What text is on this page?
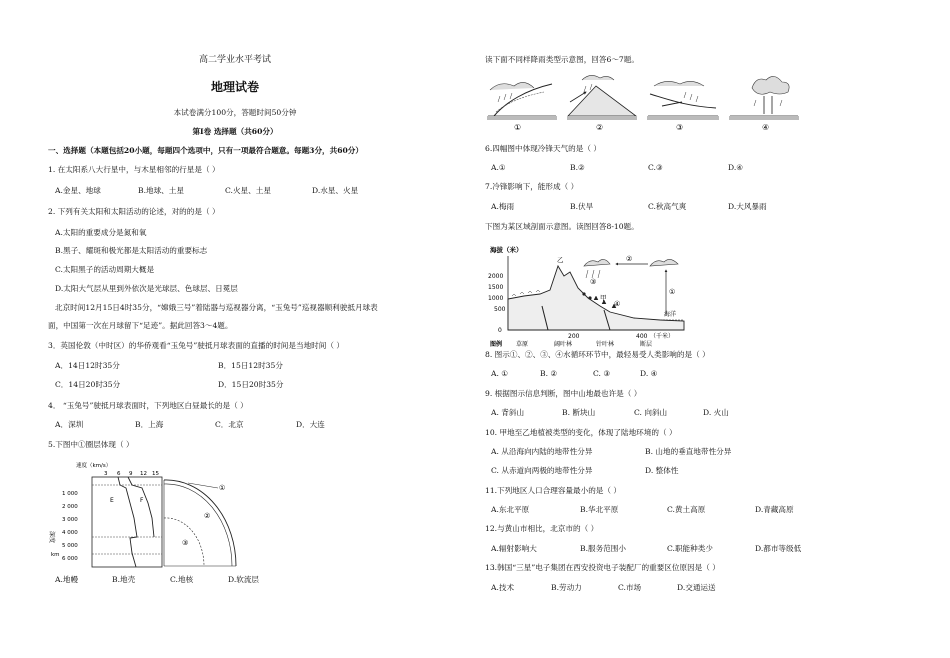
高二学业水平考试
地理试卷
本试卷满分100分，答题时间50分钟
第Ⅰ卷 选择题（共60分）
一、选择题（本题包括20小题，每题四个选项中，只有一项最符合题意。每题3分，共60分）
1. 在太阳系八大行星中，与木星相邻的行星是（ ）
A.金星、地球	B.地球、土星	C.火星、土星	D.水星、火星
2. 下列有关太阳和太阳活动的论述，对的的是（ ）
A.太阳的重要成分是氮和氧
B.黑子、耀斑和极光都是太阳活动的重要标志
C.太阳黑子的活动周期大概是
D.太阳大气层从里到外依次是光球层、色球层、日冕层
北京时间12月15日4时35分，“嫦娥三号”着陆器与巡视器分离，“玉兔号”巡视器顺利驶抵月球表
面，中国第一次在月球留下“足迹”。据此回答3～4题。
3．英国伦敦（中时区）的华侨观看“玉兔号”驶抵月球表面的直播的时间是当地时间（ ）
A．14日12时35分	B．15日12时35分
C．14日20时35分	D．15日20时35分
4． “玉兔号”驶抵月球表面时，下列地区白昼最长的是（ ）
A．深圳	B．上海	C．北京	D．大连
5.下图中①圈层体现（ ）
速度（km/s）
3 6 9 12 15
1 000
2 000
3 000
4 000
5 000
6 000
深度
km
E	F
①
②
③
A.地幔	B.地壳	C.地核	D.软流层
读下面不同样降雨类型示意图，回答6～7题。
①	②	③	④
6.四幅图中体现冷锋天气的是（ ）
A.①	B.②	C.③	D.④
7.冷锋影响下，能形成（ ）
A.梅雨	B.伏旱	C.秋高气爽	D.大风暴雨
下图为某区域剖面示意图。读图回答8-10题。
海拔（米）
2000
1500
1000
500
0
200	400 （千米）
海洋
乙
甲
②
①
③
④
图例 草原	阔叶林	针叶林	断层
8. 图示①、②、③、④水循环环节中，最轻易受人类影响的是（ ）
A. ①	B. ②	C. ③	D. ④
9. 根据图示信息判断，图中山地最也许是（ ）
A. 背斜山	B. 断块山	C. 向斜山	D. 火山
10. 甲地至乙地植被类型的变化，体现了陆地环境的（ ）
A. 从沿海向内陆的地带性分异	B. 山地的垂直地带性分异
C. 从赤道向两极的地带性分异	D. 整体性
11.下列地区人口合理容量最小的是（ ）
A.东北平原	B.华北平原	C.黄土高原	D.青藏高原
12.与黄山市相比，北京市的（ ）
A.辐射影响大	B.服务范围小	C.职能种类少	D.都市等级低
13.韩国“三星”电子集团在西安投资电子装配厂的重要区位原因是（ ）
A.技术	B.劳动力	C.市场	D.交通运送
